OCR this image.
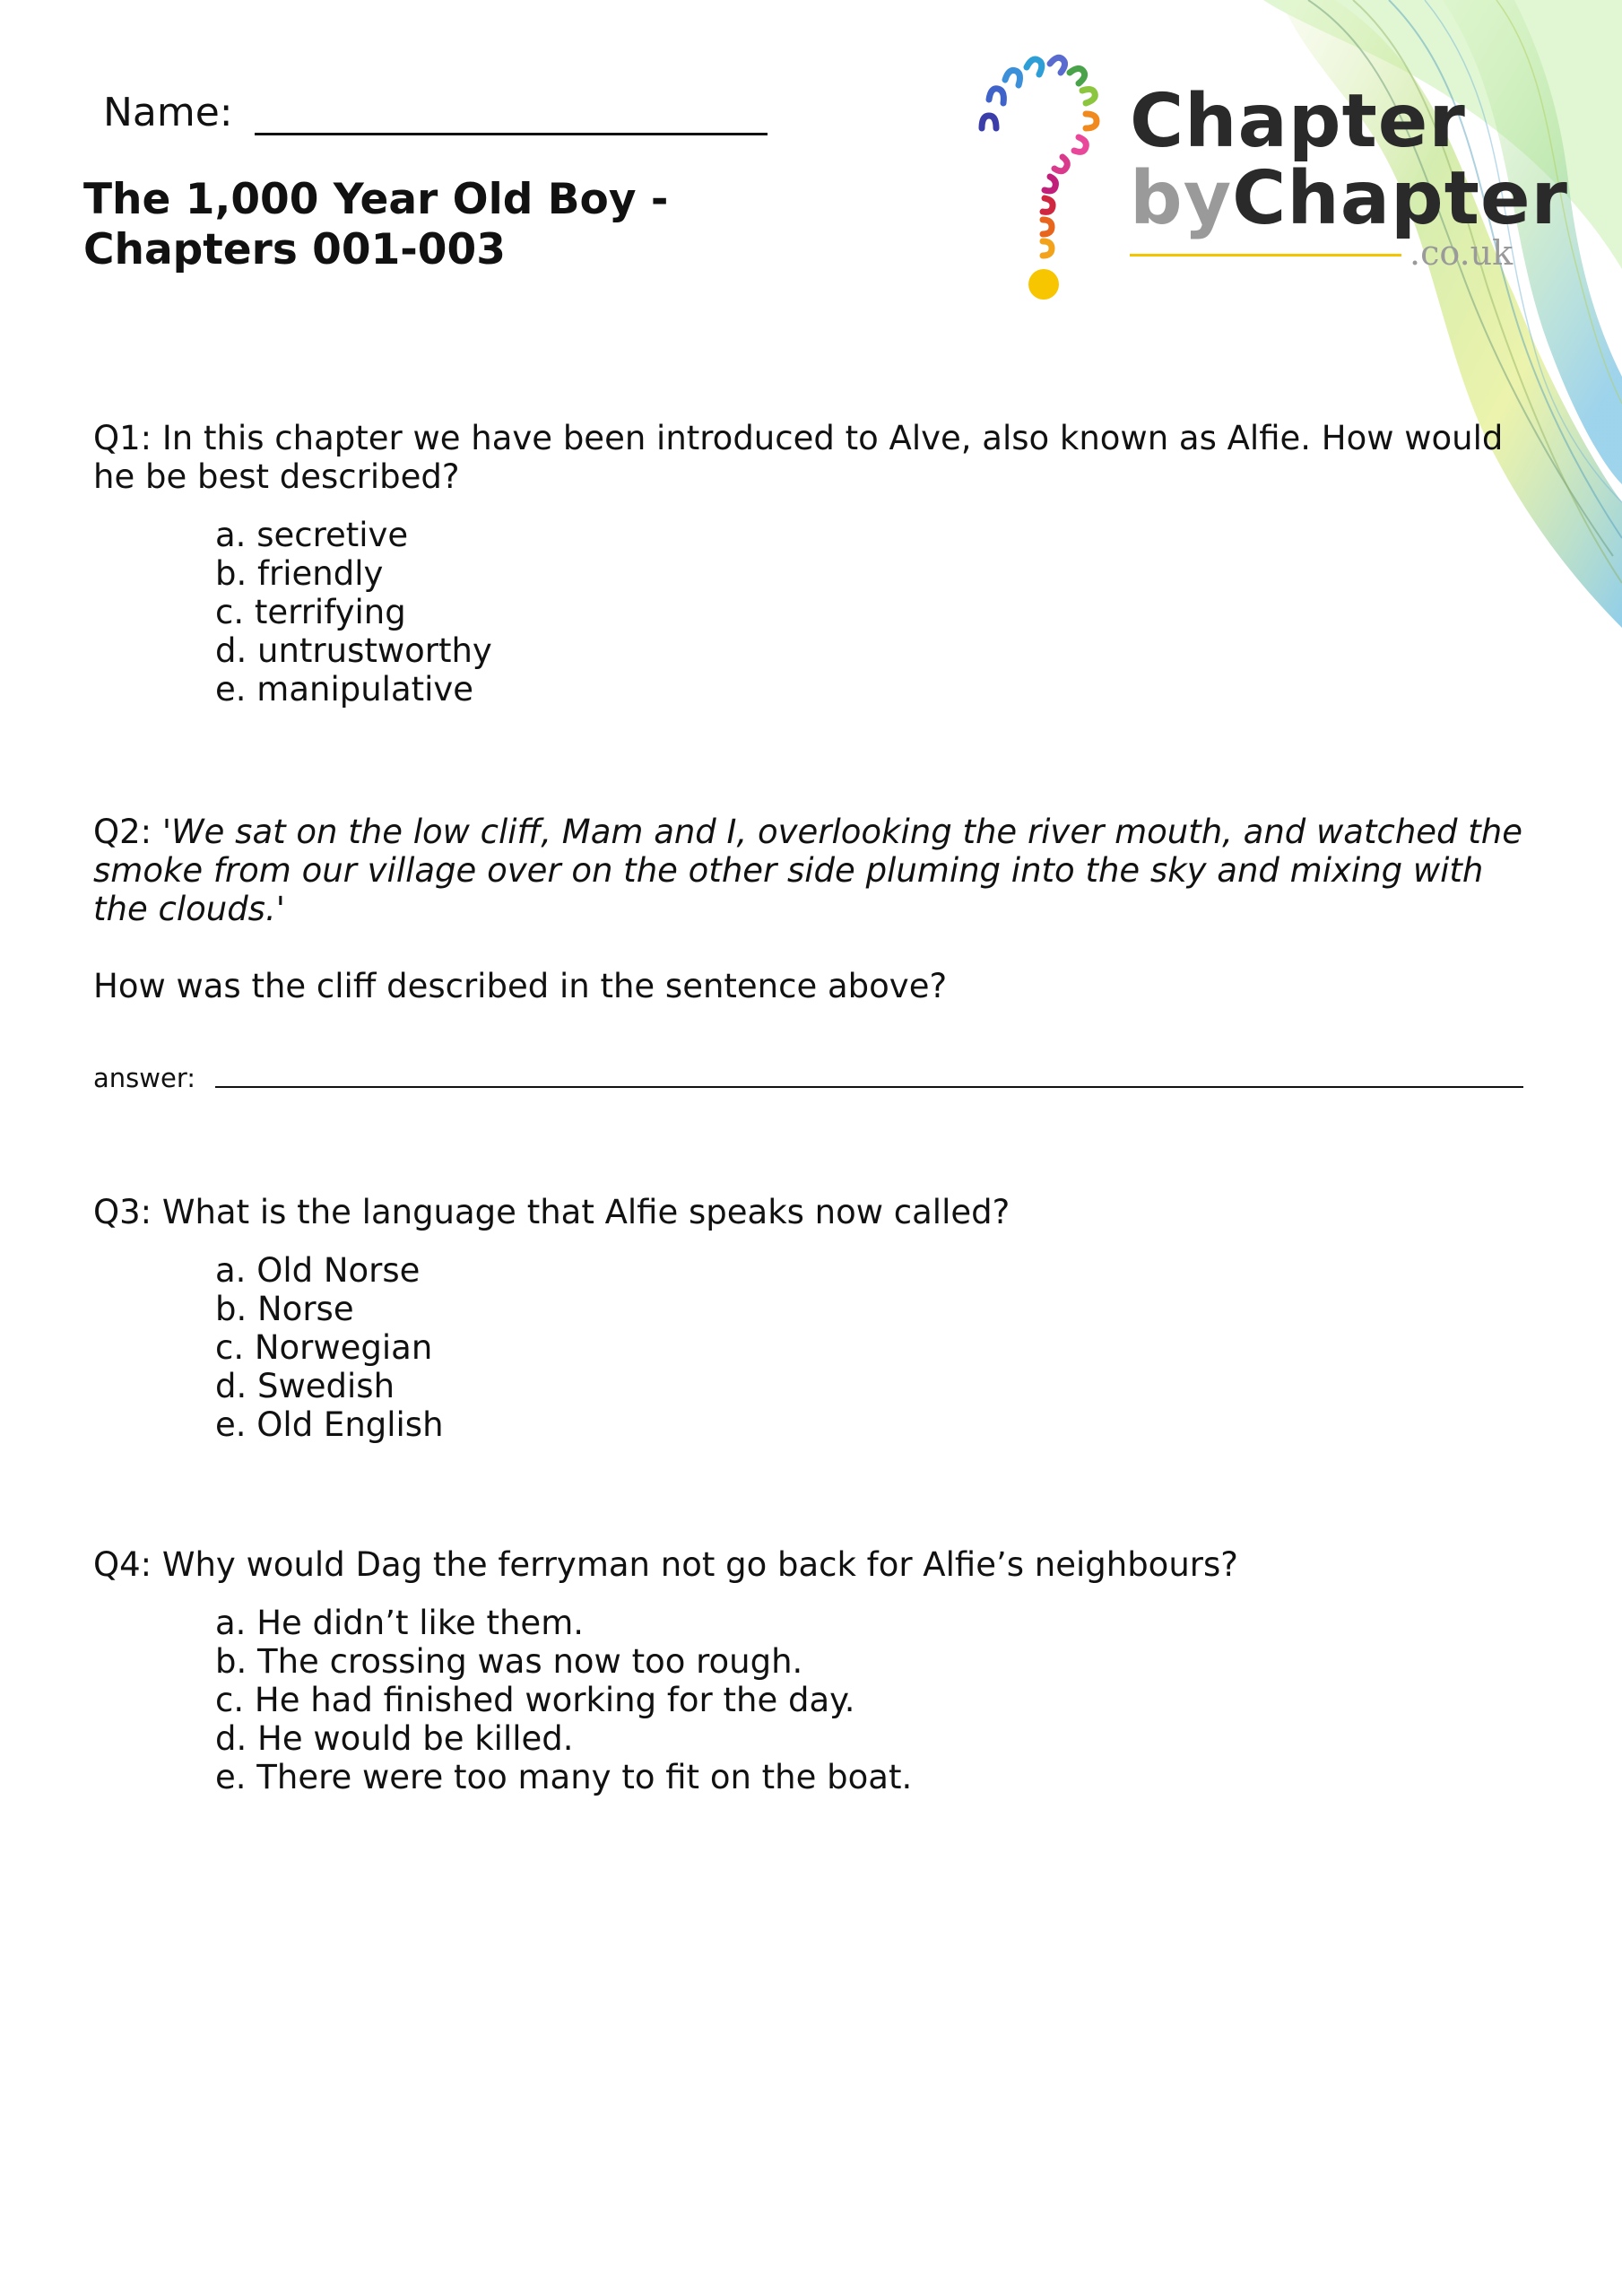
Name:
The 1,000 Year Old Boy -
Chapters 001-003
Chapter
byChapter
.co.uk

Q1: In this chapter we have been introduced to Alve, also known as Alfie. How would he be best described?

a. secretive
b. friendly
c. terrifying
d. untrustworthy
e. manipulative

Q2: 'We sat on the low cliff, Mam and I, overlooking the river mouth, and watched the smoke from our village over on the other side pluming into the sky and mixing with the clouds.'

How was the cliff described in the sentence above?

answer:

Q3: What is the language that Alfie speaks now called?

a. Old Norse
b. Norse
c. Norwegian
d. Swedish
e. Old English

Q4: Why would Dag the ferryman not go back for Alfie’s neighbours?

a. He didn’t like them.
b. The crossing was now too rough.
c. He had finished working for the day.
d. He would be killed.
e. There were too many to fit on the boat.
